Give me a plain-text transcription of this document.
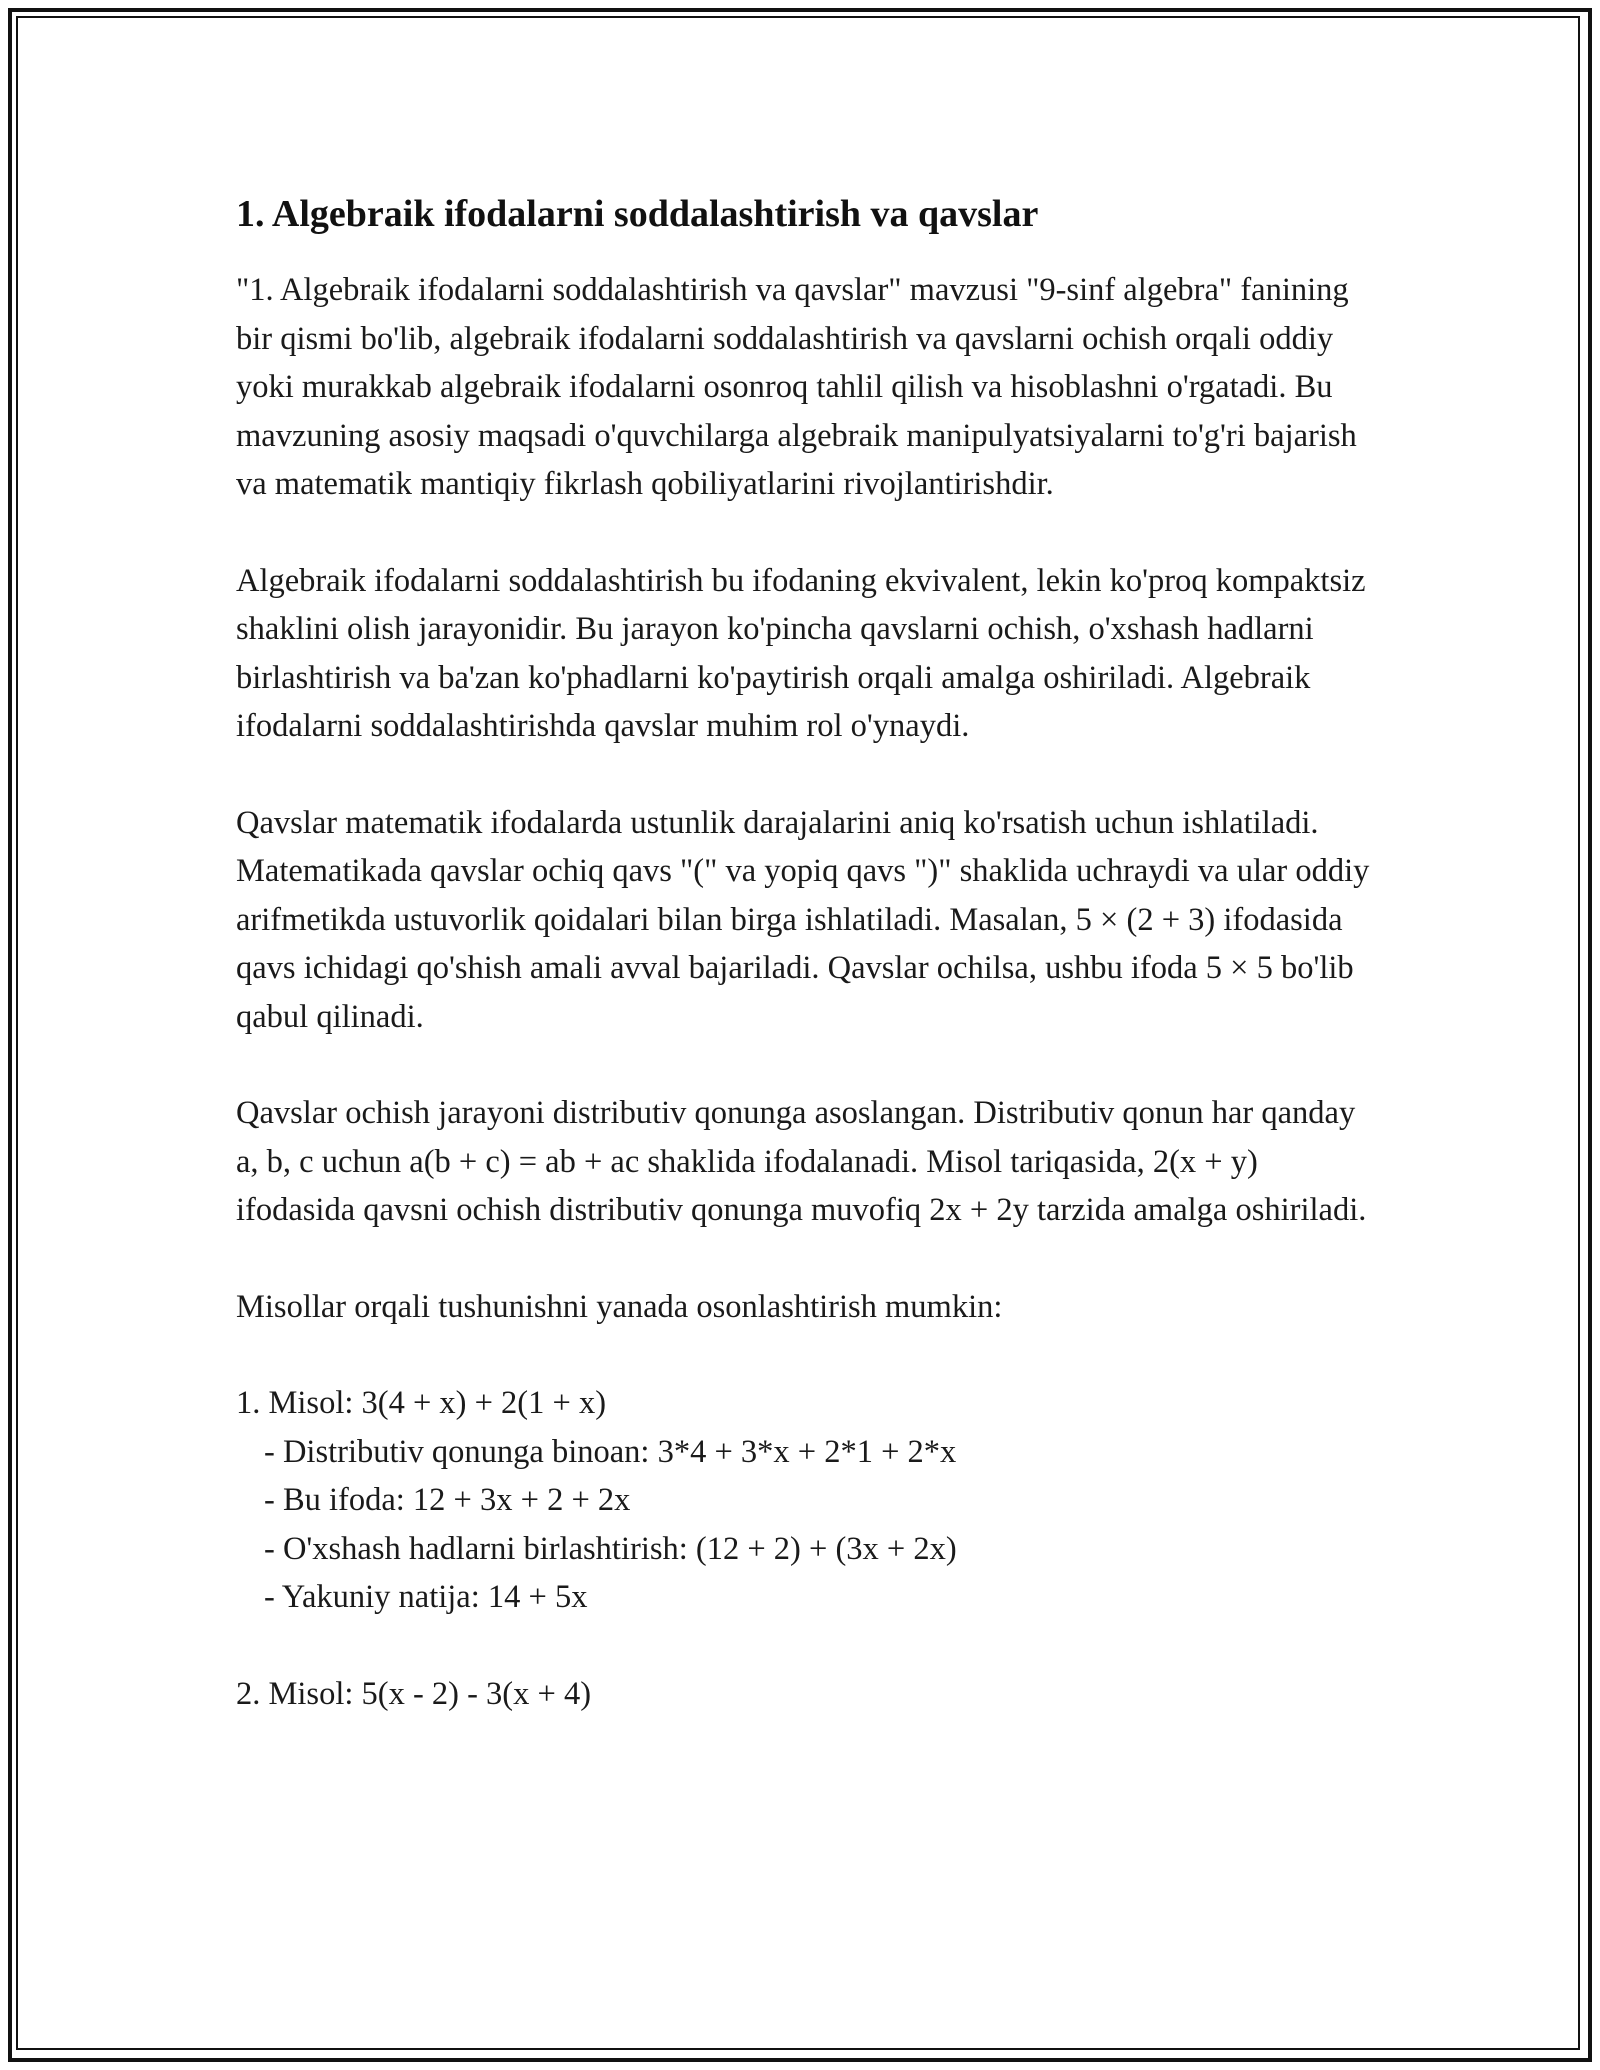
1. Algebraik ifodalarni soddalashtirish va qavslar

"1. Algebraik ifodalarni soddalashtirish va qavslar" mavzusi "9-sinf algebra" fanining bir qismi bo'lib, algebraik ifodalarni soddalashtirish va qavslarni ochish orqali oddiy yoki murakkab algebraik ifodalarni osonroq tahlil qilish va hisoblashni o'rgatadi. Bu mavzuning asosiy maqsadi o'quvchilarga algebraik manipulyatsiyalarni to'g'ri bajarish va matematik mantiqiy fikrlash qobiliyatlarini rivojlantirishdir.

Algebraik ifodalarni soddalashtirish bu ifodaning ekvivalent, lekin ko'proq kompaktsiz shaklini olish jarayonidir. Bu jarayon ko'pincha qavslarni ochish, o'xshash hadlarni birlashtirish va ba'zan ko'phadlarni ko'paytirish orqali amalga oshiriladi. Algebraik ifodalarni soddalashtirishda qavslar muhim rol o'ynaydi.

Qavslar matematik ifodalarda ustunlik darajalarini aniq ko'rsatish uchun ishlatiladi. Matematikada qavslar ochiq qavs "(" va yopiq qavs ")" shaklida uchraydi va ular oddiy arifmetikda ustuvorlik qoidalari bilan birga ishlatiladi. Masalan, 5 × (2 + 3) ifodasida qavs ichidagi qo'shish amali avval bajariladi. Qavslar ochilsa, ushbu ifoda 5 × 5 bo'lib qabul qilinadi.

Qavslar ochish jarayoni distributiv qonunga asoslangan. Distributiv qonun har qanday a, b, c uchun a(b + c) = ab + ac shaklida ifodalanadi. Misol tariqasida, 2(x + y) ifodasida qavsni ochish distributiv qonunga muvofiq 2x + 2y tarzida amalga oshiriladi.

Misollar orqali tushunishni yanada osonlashtirish mumkin:

1. Misol: 3(4 + x) + 2(1 + x)
- Distributiv qonunga binoan: 3*4 + 3*x + 2*1 + 2*x
- Bu ifoda: 12 + 3x + 2 + 2x
- O'xshash hadlarni birlashtirish: (12 + 2) + (3x + 2x)
- Yakuniy natija: 14 + 5x
2. Misol: 5(x - 2) - 3(x + 4)
